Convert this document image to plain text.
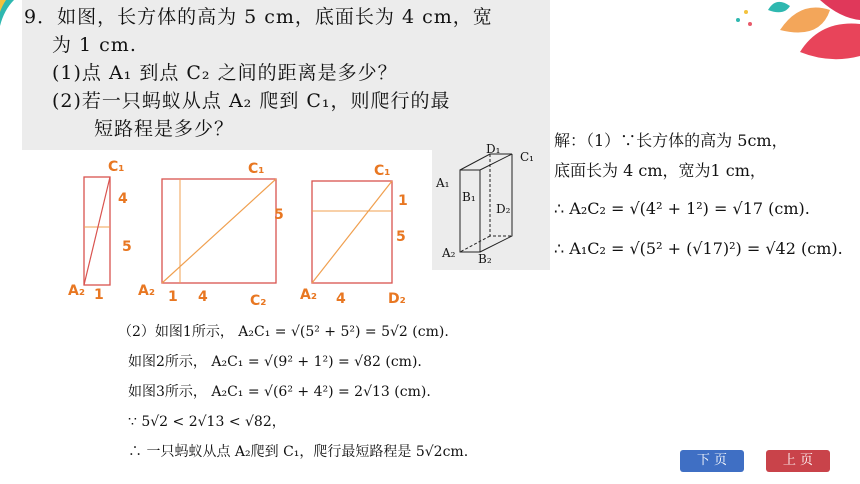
9．如图，长方体的高为 5 cm，底面长为 4 cm，宽
为 1 cm.
(1)点 A₁ 到点 C₂ 之间的距离是多少？
(2)若一只蚂蚁从点 A₂ 爬到 C₁，则爬行的最
短路程是多少？
C₁
4
5
A₂ 1
C₁
5
A₂ 1 4	C₂
C₁
1
5
A₂ 4	D₂
D₁
C₁
A₁
B₁
D₂
A₂ B₂
解：（1）∵长方体的高为 5cm，
底面长为 4 cm，宽为1 cm，
∴ A₂C₂ = √(4² + 1²) = √17 (cm).
∴ A₁C₂ = √(5² + (√17)²) = √42 (cm).
（2）如图1所示， A₂C₁ = √(5² + 5²) = 5√2 (cm).
如图2所示， A₂C₁ = √(9² + 1²) = √82 (cm).
如图3所示， A₂C₁ = √(6² + 4²) = 2√13 (cm).
∵ 5√2 < 2√13 < √82，
∴ 一只蚂蚁从点 A₂爬到 C₁，爬行最短路程是 5√2cm.
下 页	上 页
